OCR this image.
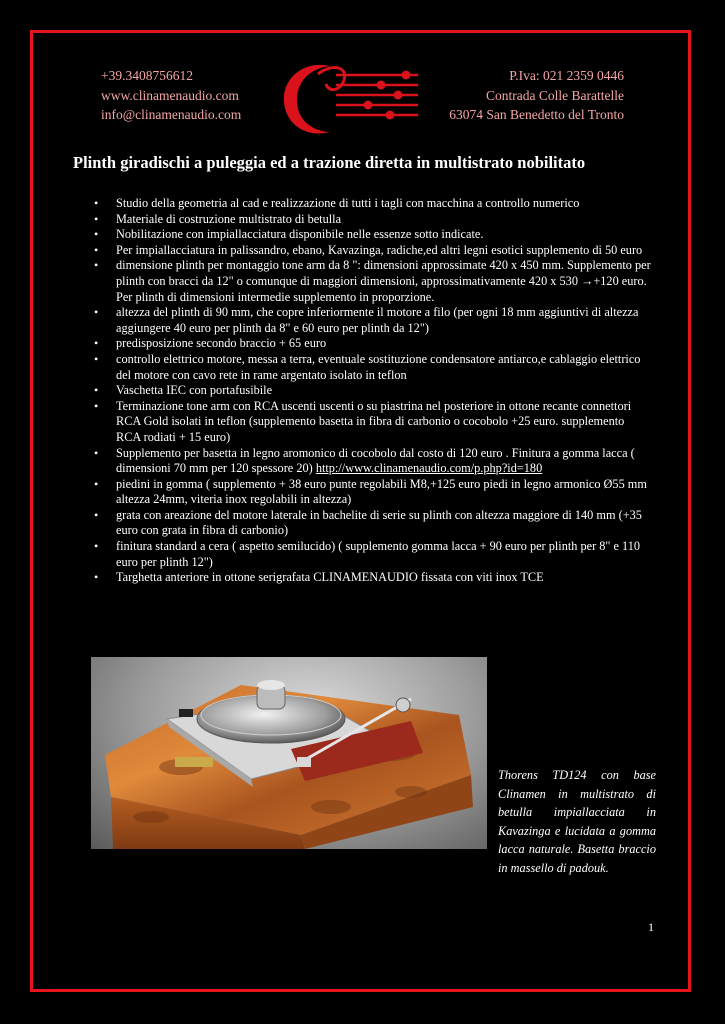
+39.3408756612
www.clinamenaudio.com
info@clinamenaudio.com
P.Iva: 021 2359 0446
Contrada Colle Barattelle
63074 San Benedetto del Tronto
Plinth giradischi a puleggia ed a trazione diretta in multistrato nobilitato
• Studio della geometria al cad e realizzazione di tutti i tagli con macchina a controllo numerico
• Materiale di costruzione multistrato di betulla
• Nobilitazione con impiallacciatura disponibile nelle essenze sotto indicate.
• Per impiallacciatura in palissandro, ebano, Kavazinga, radiche,ed altri legni esotici supplemento di 50 euro
• dimensione plinth per montaggio tone arm da 8 ": dimensioni approssimate 420 x 450 mm. Supplemento per plinth con bracci da 12" o comunque di maggiori dimensioni, approssimativamente 420 x 530 →+120 euro. Per plinth di dimensioni intermedie supplemento in proporzione.
• altezza del plinth di 90 mm, che copre inferiormente il motore a filo (per ogni 18 mm aggiuntivi di altezza aggiungere 40 euro per plinth da 8" e 60 euro per plinth da 12")
• predisposizione secondo braccio + 65 euro
• controllo elettrico motore, messa a terra, eventuale sostituzione condensatore antiarco,e cablaggio elettrico del motore con cavo rete in rame argentato isolato in teflon
• Vaschetta IEC con portafusibile
• Terminazione tone arm con RCA uscenti uscenti o su piastrina nel posteriore in ottone recante connettori RCA Gold isolati in teflon (supplemento basetta in fibra di carbonio o cocobolo +25 euro. supplemento RCA rodiati + 15 euro)
• Supplemento per basetta in legno aromonico di cocobolo dal costo di 120 euro . Finitura a gomma lacca ( dimensioni 70 mm per 120 spessore 20) http://www.clinamenaudio.com/p.php?id=180
• piedini in gomma ( supplemento + 38 euro punte regolabili M8,+125 euro piedi in legno armonico Ø55 mm altezza 24mm, viteria inox regolabili in altezza)
• grata con areazione del motore laterale in bachelite di serie su plinth con altezza maggiore di 140 mm (+35 euro con grata in fibra di carbonio)
• finitura standard a cera ( aspetto semilucido) ( supplemento gomma lacca + 90 euro per plinth per 8" e 110 euro per plinth 12")
• Targhetta anteriore in ottone serigrafata CLINAMENAUDIO fissata con viti inox TCE

Thorens TD124 con base Clinamen in multistrato di betulla impiallacciata in Kavazinga e lucidata a gomma lacca naturale. Basetta braccio in massello di padouk.

1
